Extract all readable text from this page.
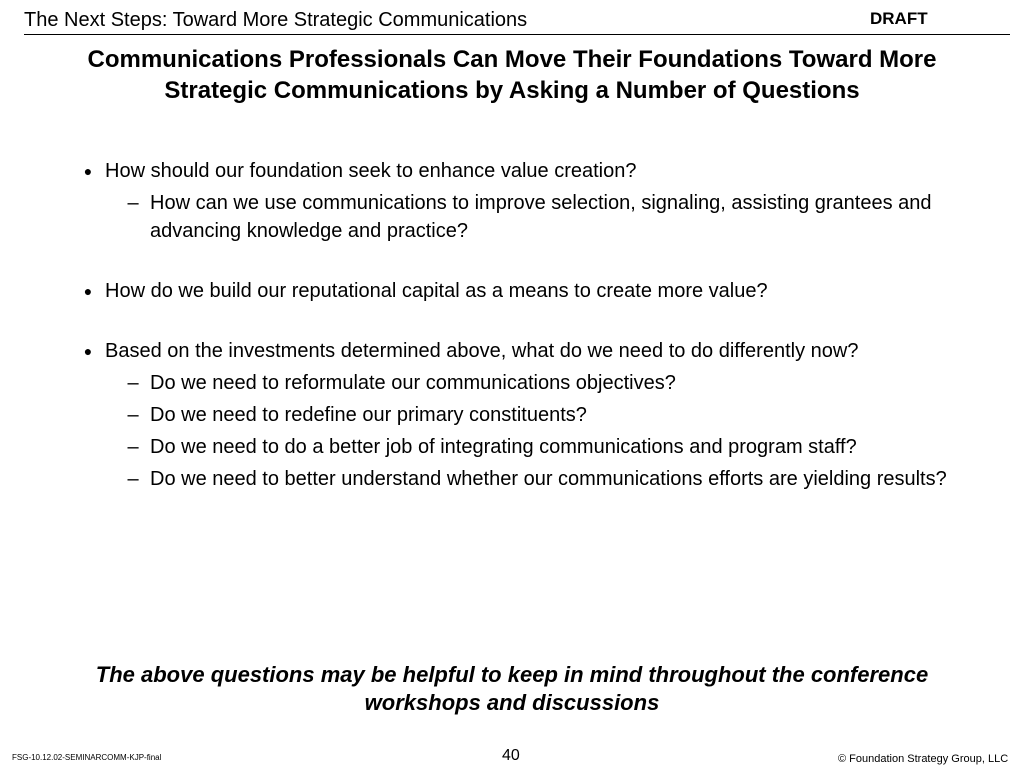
The Next Steps: Toward More Strategic Communications	DRAFT
Communications Professionals Can Move Their Foundations Toward More
Strategic Communications by Asking a Number of Questions
● How should our foundation seek to enhance value creation?
– How can we use communications to improve selection, signaling, assisting grantees and advancing knowledge and practice?
● How do we build our reputational capital as a means to create more value?
● Based on the investments determined above, what do we need to do differently now?
– Do we need to reformulate our communications objectives?
– Do we need to redefine our primary constituents?
– Do we need to do a better job of integrating communications and program staff?
– Do we need to better understand whether our communications efforts are yielding results?
The above questions may be helpful to keep in mind throughout the conference
workshops and discussions
FSG-10.12.02-SEMINARCOMM-KJP-final	40	© Foundation Strategy Group, LLC
